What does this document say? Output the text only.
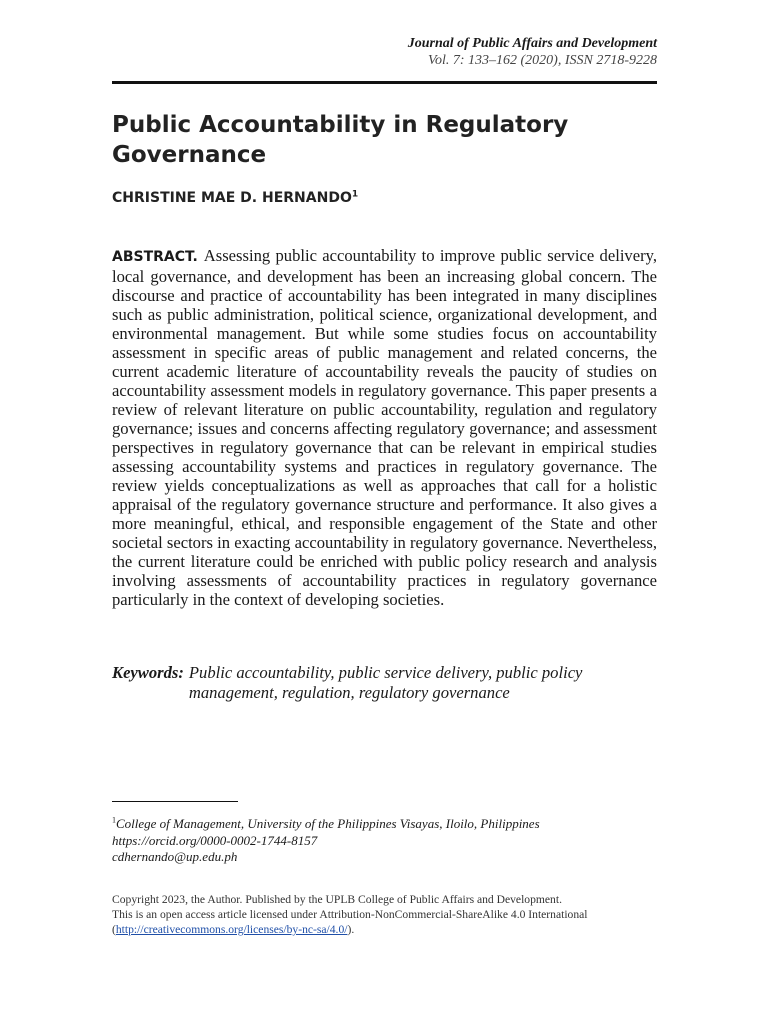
Journal of Public Affairs and Development
Vol. 7: 133–162 (2020), ISSN 2718-9228
Public Accountability in Regulatory Governance
CHRISTINE MAE D. HERNANDO$^1$

ABSTRACT. Assessing public accountability to improve public service delivery, local governance, and development has been an increasing global concern. The discourse and practice of accountability has been integrated in many disciplines such as public administration, political science, organizational development, and environmental management. But while some studies focus on accountability assessment in specific areas of public management and related concerns, the current academic literature of accountability reveals the paucity of studies on accountability assessment models in regulatory governance. This paper presents a review of relevant literature on public accountability, regulation and regulatory governance; issues and concerns affecting regulatory governance; and assessment perspectives in regulatory governance that can be relevant in empirical studies assessing accountability systems and practices in regulatory governance. The review yields conceptualizations as well as approaches that call for a holistic appraisal of the regulatory governance structure and performance. It also gives a more meaningful, ethical, and responsible engagement of the State and other societal sectors in exacting accountability in regulatory governance. Nevertheless, the current literature could be enriched with public policy research and analysis involving assessments of accountability practices in regulatory governance particularly in the context of developing societies.

Keywords: Public accountability, public service delivery, public policy management, regulation, regulatory governance
$^1$College of Management, University of the Philippines Visayas, Iloilo, Philippines
https://orcid.org/0000-0002-1744-8157
cdhernando@up.edu.ph
Copyright 2023, the Author. Published by the UPLB College of Public Affairs and Development.
This is an open access article licensed under Attribution-NonCommercial-ShareAlike 4.0 International
(http://creativecommons.org/licenses/by-nc-sa/4.0/).
